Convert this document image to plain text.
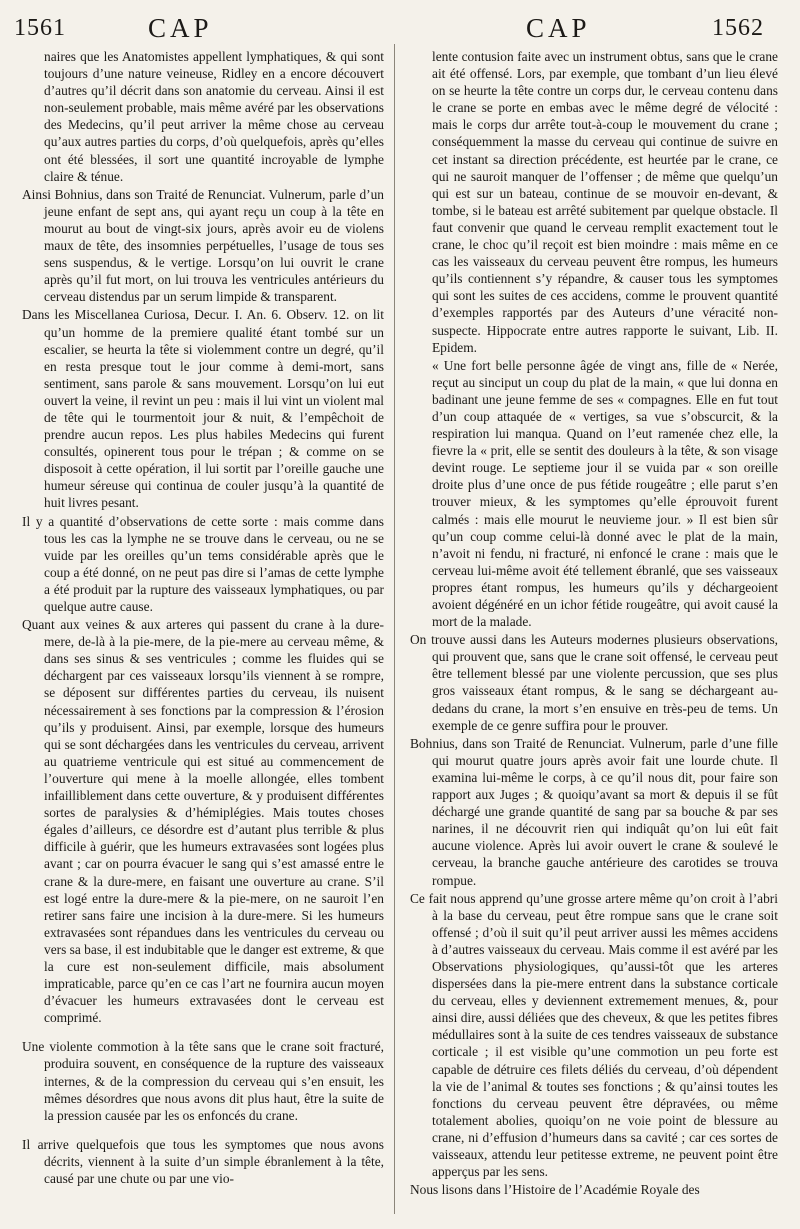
1561	CAP	CAP	1562

naires que les Anatomistes appellent lymphatiques, & qui sont toujours d’une nature veineuse, Ridley en a encore découvert d’autres qu’il décrit dans son anatomie du cerveau. Ainsi il est non-seulement probable, mais même avéré par les observations des Medecins, qu’il peut arriver la même chose au cerveau qu’aux autres parties du corps, d’où quelquefois, après qu’elles ont été blessées, il sort une quantité incroyable de lymphe claire & ténue.

Ainsi Bohnius, dans son Traité de Renunciat. Vulnerum, parle d’un jeune enfant de sept ans, qui ayant reçu un coup à la tête en mourut au bout de vingt-six jours, après avoir eu de violens maux de tête, des insomnies perpétuelles, l’usage de tous ses sens suspendus, & le vertige. Lorsqu’on lui ouvrit le crane après qu’il fut mort, on lui trouva les ventricules antérieurs du cerveau distendus par un serum limpide & transparent.

Dans les Miscellanea Curiosa, Decur. I. An. 6. Observ. 12. on lit qu’un homme de la premiere qualité étant tombé sur un escalier, se heurta la tête si violemment contre un degré, qu’il en resta presque tout le jour comme à demi-mort, sans sentiment, sans parole & sans mouvement. Lorsqu’on lui eut ouvert la veine, il revint un peu : mais il lui vint un violent mal de tête qui le tourmentoit jour & nuit, & l’empêchoit de prendre aucun repos. Les plus habiles Medecins qui furent consultés, opinerent tous pour le trépan ; & comme on se disposoit à cette opération, il lui sortit par l’oreille gauche une humeur séreuse qui continua de couler jusqu’à la quantité de huit livres pesant.

Il y a quantité d’observations de cette sorte : mais comme dans tous les cas la lymphe ne se trouve dans le cerveau, ou ne se vuide par les oreilles qu’un tems considérable après que le coup a été donné, on ne peut pas dire si l’amas de cette lymphe a été produit par la rupture des vaisseaux lymphatiques, ou par quelque autre cause.

Quant aux veines & aux arteres qui passent du crane à la dure-mere, de-là à la pie-mere, de la pie-mere au cerveau même, & dans ses sinus & ses ventricules ; comme les fluides qui se déchargent par ces vaisseaux lorsqu’ils viennent à se rompre, se déposent sur différentes parties du cerveau, ils nuisent nécessairement à ses fonctions par la compression & l’érosion qu’ils y produisent. Ainsi, par exemple, lorsque des humeurs qui se sont déchargées dans les ventricules du cerveau, arrivent au quatrieme ventricule qui est situé au commencement de l’ouverture qui mene à la moelle allongée, elles tombent infailliblement dans cette ouverture, & y produisent différentes sortes de paralysies & d’hémiplégies. Mais toutes choses égales d’ailleurs, ce désordre est d’autant plus terrible & plus difficile à guérir, que les humeurs extravasées sont logées plus avant ; car on pourra évacuer le sang qui s’est amassé entre le crane & la dure-mere, en faisant une ouverture au crane. S’il est logé entre la dure-mere & la pie-mere, on ne sauroit l’en retirer sans faire une incision à la dure-mere. Si les humeurs extravasées sont répandues dans les ventricules du cerveau ou vers sa base, il est indubitable que le danger est extreme, & que la cure est non-seulement difficile, mais absolument impraticable, parce qu’en ce cas l’art ne fournira aucun moyen d’évacuer les humeurs extravasées dont le cerveau est comprimé.

Une violente commotion à la tête sans que le crane soit fracturé, produira souvent, en conséquence de la rupture des vaisseaux internes, & de la compression du cerveau qui s’en ensuit, les mêmes désordres que nous avons dit plus haut, être la suite de la pression causée par les os enfoncés du crane.

Il arrive quelquefois que tous les symptomes que nous avons décrits, viennent à la suite d’un simple ébranlement à la tête, causé par une chute ou par une vio-

lente contusion faite avec un instrument obtus, sans que le crane ait été offensé. Lors, par exemple, que tombant d’un lieu élevé on se heurte la tête contre un corps dur, le cerveau contenu dans le crane se porte en embas avec le même degré de vélocité : mais le corps dur arrête tout-à-coup le mouvement du crane ; conséquemment la masse du cerveau qui continue de suivre en cet instant sa direction précédente, est heurtée par le crane, ce qui ne sauroit manquer de l’offenser ; de même que quelqu’un qui est sur un bateau, continue de se mouvoir en-devant, & tombe, si le bateau est arrêté subitement par quelque obstacle. Il faut convenir que quand le cerveau remplit exactement tout le crane, le choc qu’il reçoit est bien moindre : mais même en ce cas les vaisseaux du cerveau peuvent être rompus, les humeurs qu’ils contiennent s’y répandre, & causer tous les symptomes qui sont les suites de ces accidens, comme le prouvent quantité d’exemples rapportés par des Auteurs d’une véracité non-suspecte. Hippocrate entre autres rapporte le suivant, Lib. II. Epidem.

« Une fort belle personne âgée de vingt ans, fille de « Nerée, reçut au sinciput un coup du plat de la main, « que lui donna en badinant une jeune femme de ses « compagnes. Elle en fut tout d’un coup attaquée de « vertiges, sa vue s’obscurcit, & la respiration lui manqua. Quand on l’eut ramenée chez elle, la fievre la « prit, elle se sentit des douleurs à la tête, & son visage devint rouge. Le septieme jour il se vuida par « son oreille droite plus d’une once de pus fétide rougeâtre ; elle parut s’en trouver mieux, & les symptomes qu’elle éprouvoit furent calmés : mais elle mourut le neuvieme jour. » Il est bien sûr qu’un coup comme celui-là donné avec le plat de la main, n’avoit ni fendu, ni fracturé, ni enfoncé le crane : mais que le cerveau lui-même avoit été tellement ébranlé, que ses vaisseaux propres étant rompus, les humeurs qu’ils y déchargeoient avoient dégénéré en un ichor fétide rougeâtre, qui avoit causé la mort de la malade.

On trouve aussi dans les Auteurs modernes plusieurs observations, qui prouvent que, sans que le crane soit offensé, le cerveau peut être tellement blessé par une violente percussion, que ses plus gros vaisseaux étant rompus, & le sang se déchargeant au-dedans du crane, la mort s’en ensuive en très-peu de tems. Un exemple de ce genre suffira pour le prouver.

Bohnius, dans son Traité de Renunciat. Vulnerum, parle d’une fille qui mourut quatre jours après avoir fait une lourde chute. Il examina lui-même le corps, à ce qu’il nous dit, pour faire son rapport aux Juges ; & quoiqu’avant sa mort & depuis il se fût déchargé une grande quantité de sang par sa bouche & par ses narines, il ne découvrit rien qui indiquât qu’on lui eût fait aucune violence. Après lui avoir ouvert le crane & soulevé le cerveau, la branche gauche antérieure des carotides se trouva rompue.

Ce fait nous apprend qu’une grosse artere même qu’on croit à l’abri à la base du cerveau, peut être rompue sans que le crane soit offensé ; d’où il suit qu’il peut arriver aussi les mêmes accidens à d’autres vaisseaux du cerveau. Mais comme il est avéré par les Observations physiologiques, qu’aussi-tôt que les arteres dispersées dans la pie-mere entrent dans la substance corticale du cerveau, elles y deviennent extremement menues, &, pour ainsi dire, aussi déliées que des cheveux, & que les petites fibres médullaires sont à la suite de ces tendres vaisseaux de substance corticale ; il est visible qu’une commotion un peu forte est capable de détruire ces filets déliés du cerveau, d’où dépendent la vie de l’animal & toutes ses fonctions ; & qu’ainsi toutes les fonctions du cerveau peuvent être dépravées, ou même totalement abolies, quoiqu’on ne voie point de blessure au crane, ni d’effusion d’humeurs dans sa cavité ; car ces sortes de vaisseaux, attendu leur petitesse extreme, ne peuvent point être apperçus par les sens.

Nous lisons dans l’Histoire de l’Académie Royale des
